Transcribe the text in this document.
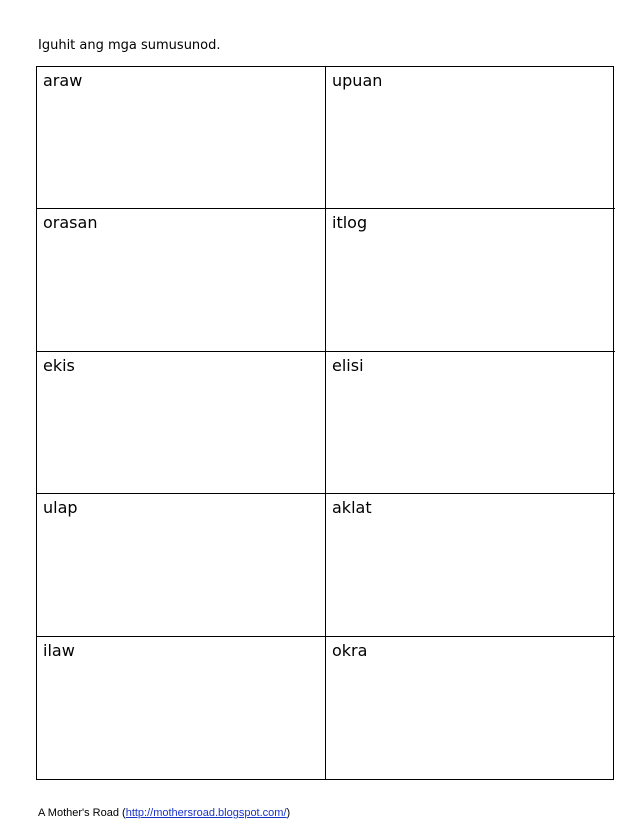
Iguhit ang mga sumusunod.
araw	upuan
orasan	itlog
ekis	elisi
ulap	aklat
ilaw	okra
A Mother's Road (http://mothersroad.blogspot.com/)
